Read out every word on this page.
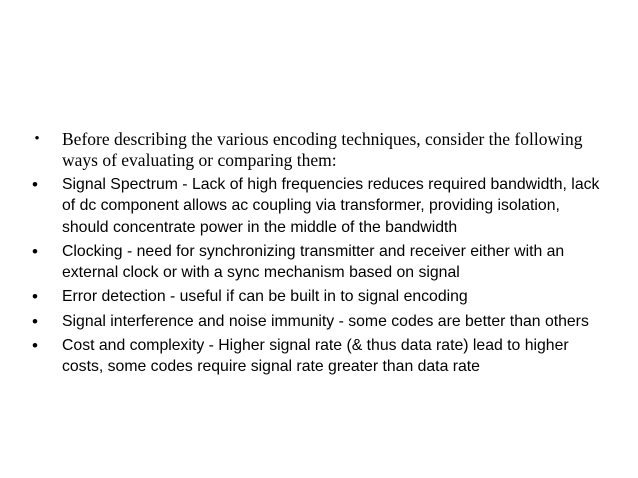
• Before describing the various encoding techniques, consider the following ways of evaluating or comparing them:
• Signal Spectrum - Lack of high frequencies reduces required bandwidth, lack of dc component allows ac coupling via transformer, providing isolation, should concentrate power in the middle of the bandwidth
• Clocking - need for synchronizing transmitter and receiver either with an external clock or with a sync mechanism based on signal
• Error detection - useful if can be built in to signal encoding
• Signal interference and noise immunity - some codes are better than others
• Cost and complexity - Higher signal rate (& thus data rate) lead to higher costs, some codes require signal rate greater than data rate
